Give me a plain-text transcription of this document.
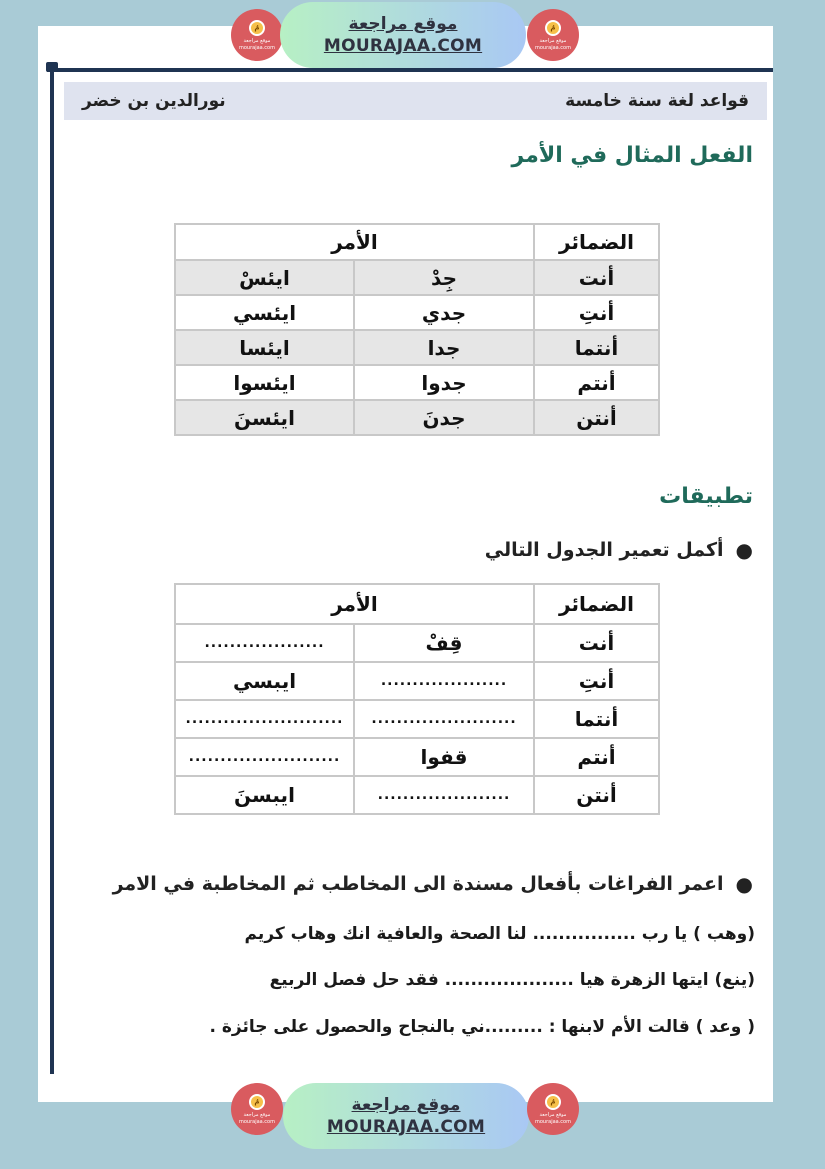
مُ
موقع مراجعة
mourajaa.com
موقع مراجعة
MOURAJAA.COM
مُ
موقع مراجعة
mourajaa.com
قواعد لغة سنة خامسة
نورالدين بن خضر
الفعل المثال في الأمر
الضمائر	الأمر	
أنت	جِدْ	ايئسْ
أنتِ	جدي	ايئسي
أنتما	جدا	ايئسا
أنتم	جدوا	ايئسوا
أنتن	جدنَ	ايئسنَ
تطبيقات
●
أكمل تعمير الجدول التالي
الضمائر	الأمر	
أنت	قِفْ	...................
أنتِ	....................	ايبسي
أنتما	.......................	.........................
أنتم	قفوا	........................
أنتن	.....................	ايبسنَ
●
اعمر الفراغات بأفعال مسندة الى المخاطب ثم المخاطبة في الامر
(وهب ) يا رب ................ لنا الصحة والعافية انك وهاب كريم
(ينع) ايتها الزهرة هيا .................... فقد حل فصل الربيع
( وعد ) قالت الأم لابنها : .........ني بالنجاح والحصول على جائزة .
مُ
موقع مراجعة
mourajaa.com
موقع مراجعة
MOURAJAA.COM
مُ
موقع مراجعة
mourajaa.com
